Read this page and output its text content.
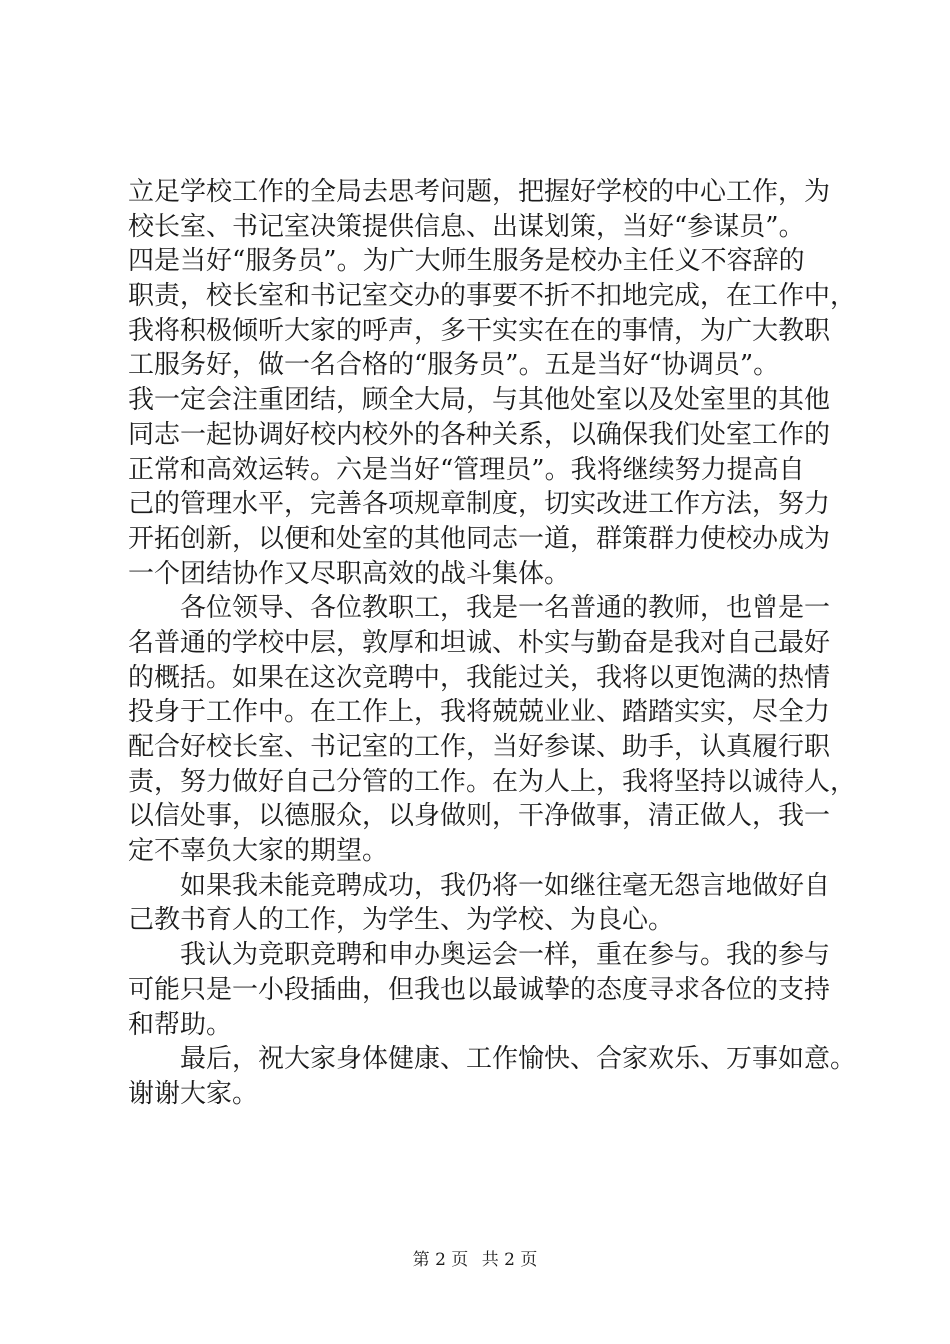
立足学校工作的全局去思考问题，把握好学校的中心工作，为
校长室、书记室决策提供信息、出谋划策，当好“参谋员”。
四是当好“服务员”。为广大师生服务是校办主任义不容辞的
职责，校长室和书记室交办的事要不折不扣地完成，在工作中，
我将积极倾听大家的呼声，多干实实在在的事情，为广大教职
工服务好，做一名合格的“服务员”。五是当好“协调员”。
我一定会注重团结，顾全大局，与其他处室以及处室里的其他
同志一起协调好校内校外的各种关系，以确保我们处室工作的
正常和高效运转。六是当好“管理员”。我将继续努力提高自
己的管理水平，完善各项规章制度，切实改进工作方法，努力
开拓创新，以便和处室的其他同志一道，群策群力使校办成为
一个团结协作又尽职高效的战斗集体。
　　各位领导、各位教职工，我是一名普通的教师，也曾是一
名普通的学校中层，敦厚和坦诚、朴实与勤奋是我对自己最好
的概括。如果在这次竞聘中，我能过关，我将以更饱满的热情
投身于工作中。在工作上，我将兢兢业业、踏踏实实，尽全力
配合好校长室、书记室的工作，当好参谋、助手，认真履行职
责，努力做好自己分管的工作。在为人上，我将坚持以诚待人，
以信处事，以德服众，以身做则，干净做事，清正做人，我一
定不辜负大家的期望。
　　如果我未能竞聘成功，我仍将一如继往毫无怨言地做好自
己教书育人的工作，为学生、为学校、为良心。
　　我认为竞职竞聘和申办奥运会一样，重在参与。我的参与
可能只是一小段插曲，但我也以最诚挚的态度寻求各位的支持
和帮助。
　　最后，祝大家身体健康、工作愉快、合家欢乐、万事如意。
谢谢大家。
第 2 页 共 2 页
